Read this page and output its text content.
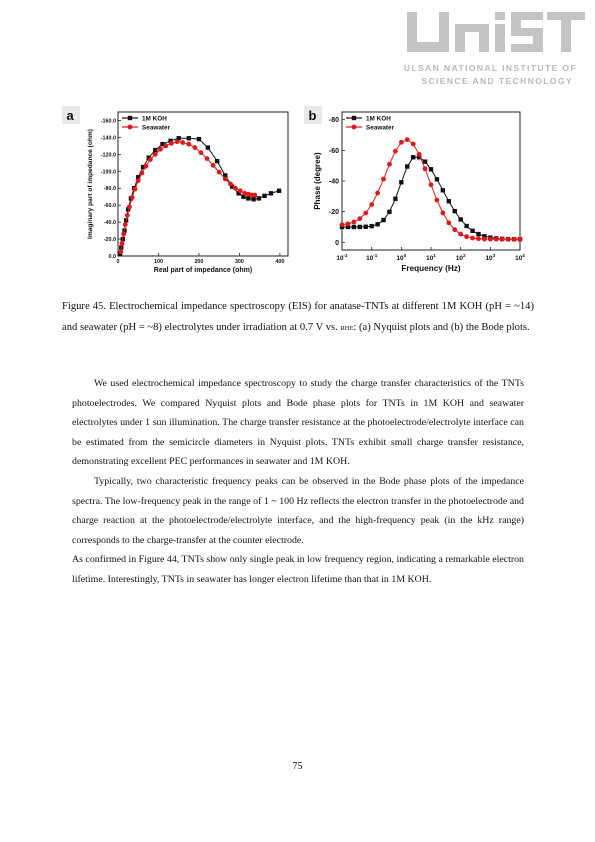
ULSAN NATIONAL INSTITUTE OF
SCIENCE AND TECHNOLOGY
a
0.0
-20.0
-40.0
-60.0
-80.0
-100.0
-120.0
-140.0
-160.0
0	100	200	300	400
Real part of impedance (ohm)
Imaginary part of impedance (ohm)
1M KOH
Seawater
b
0
-20
-40
-60
-80
$10^{-2}$	$10^{-1}$	$10^0$	$10^1$	$10^2$	$10^3$	$10^4$
Frequency (Hz)
Phase (degree)
1M KOH
Seawater
Figure 45. Electrochemical impedance spectroscopy (EIS) for anatase-TNTs at different 1M KOH (pH = ~14) and seawater (pH = ~8) electrolytes under irradiation at 0.7 V vs. RHE: (a) Nyquist plots and (b) the Bode plots.

We used electrochemical impedance spectroscopy to study the charge transfer characteristics of the TNTs photoelectrodes. We compared Nyquist plots and Bode phase plots for TNTs in 1M KOH and seawater electrolytes under 1 sun illumination. The charge transfer resistance at the photoelectrode/electrolyte interface can be estimated from the semicircle diameters in Nyquist plots. TNTs exhibit small charge transfer resistance, demonstrating excellent PEC performances in seawater and 1M KOH.

Typically, two characteristic frequency peaks can be observed in the Bode phase plots of the impedance spectra. The low-frequency peak in the range of 1 ~ 100 Hz reflects the electron transfer in the photoelectrode and charge reaction at the photoelectrode/electrolyte interface, and the high-frequency peak (in the kHz range) corresponds to the charge-transfer at the counter electrode.

As confirmed in Figure 44, TNTs show only single peak in low frequency region, indicating a remarkable electron lifetime. Interestingly, TNTs in seawater has longer electron lifetime than that in 1M KOH.

75
